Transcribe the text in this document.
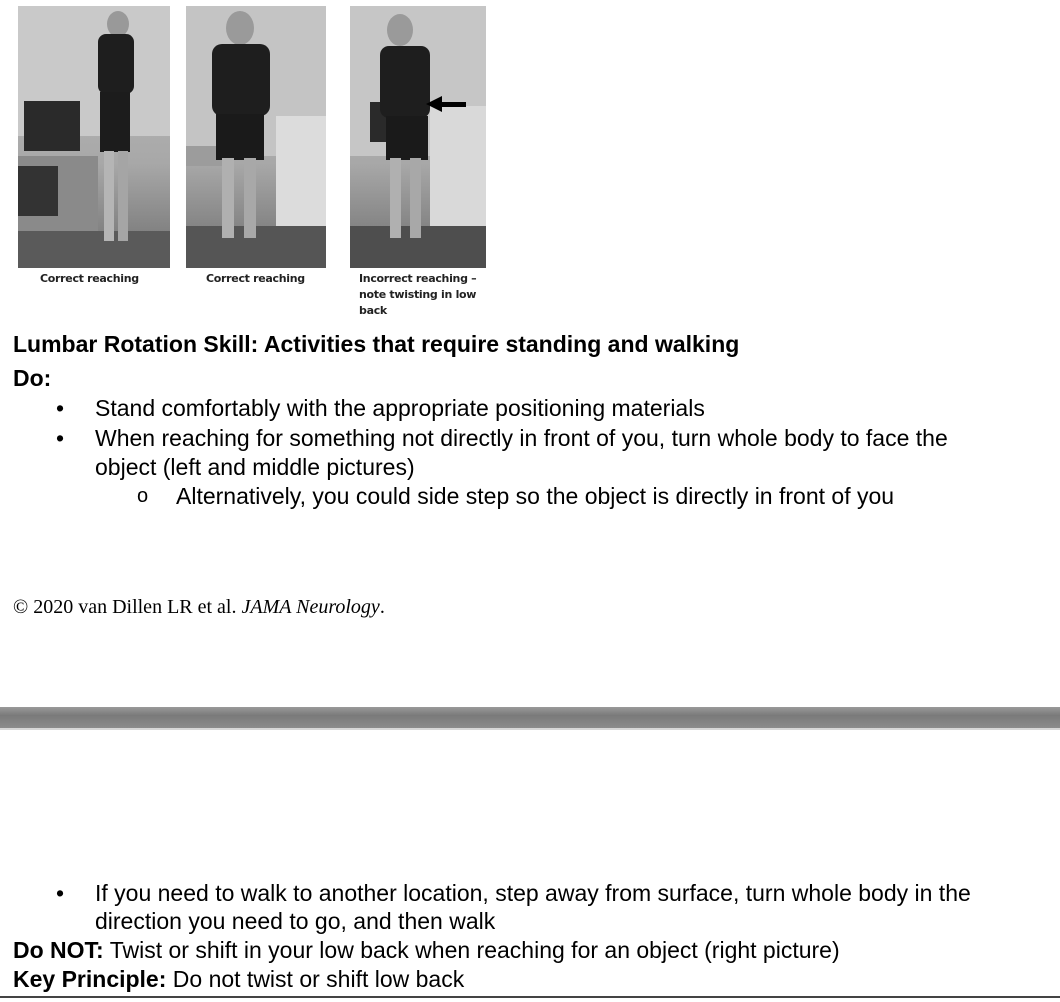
Correct reaching	Correct reaching	Incorrect reaching – note twisting in low back
Lumbar Rotation Skill: Activities that require standing and walking
Do:
• Stand comfortably with the appropriate positioning materials
• When reaching for something not directly in front of you, turn whole body to face the
object (left and middle pictures)
o Alternatively, you could side step so the object is directly in front of you
© 2020 van Dillen LR et al. JAMA Neurology.
• If you need to walk to another location, step away from surface, turn whole body in the
direction you need to go, and then walk
Do NOT: Twist or shift in your low back when reaching for an object (right picture)
Key Principle: Do not twist or shift low back
